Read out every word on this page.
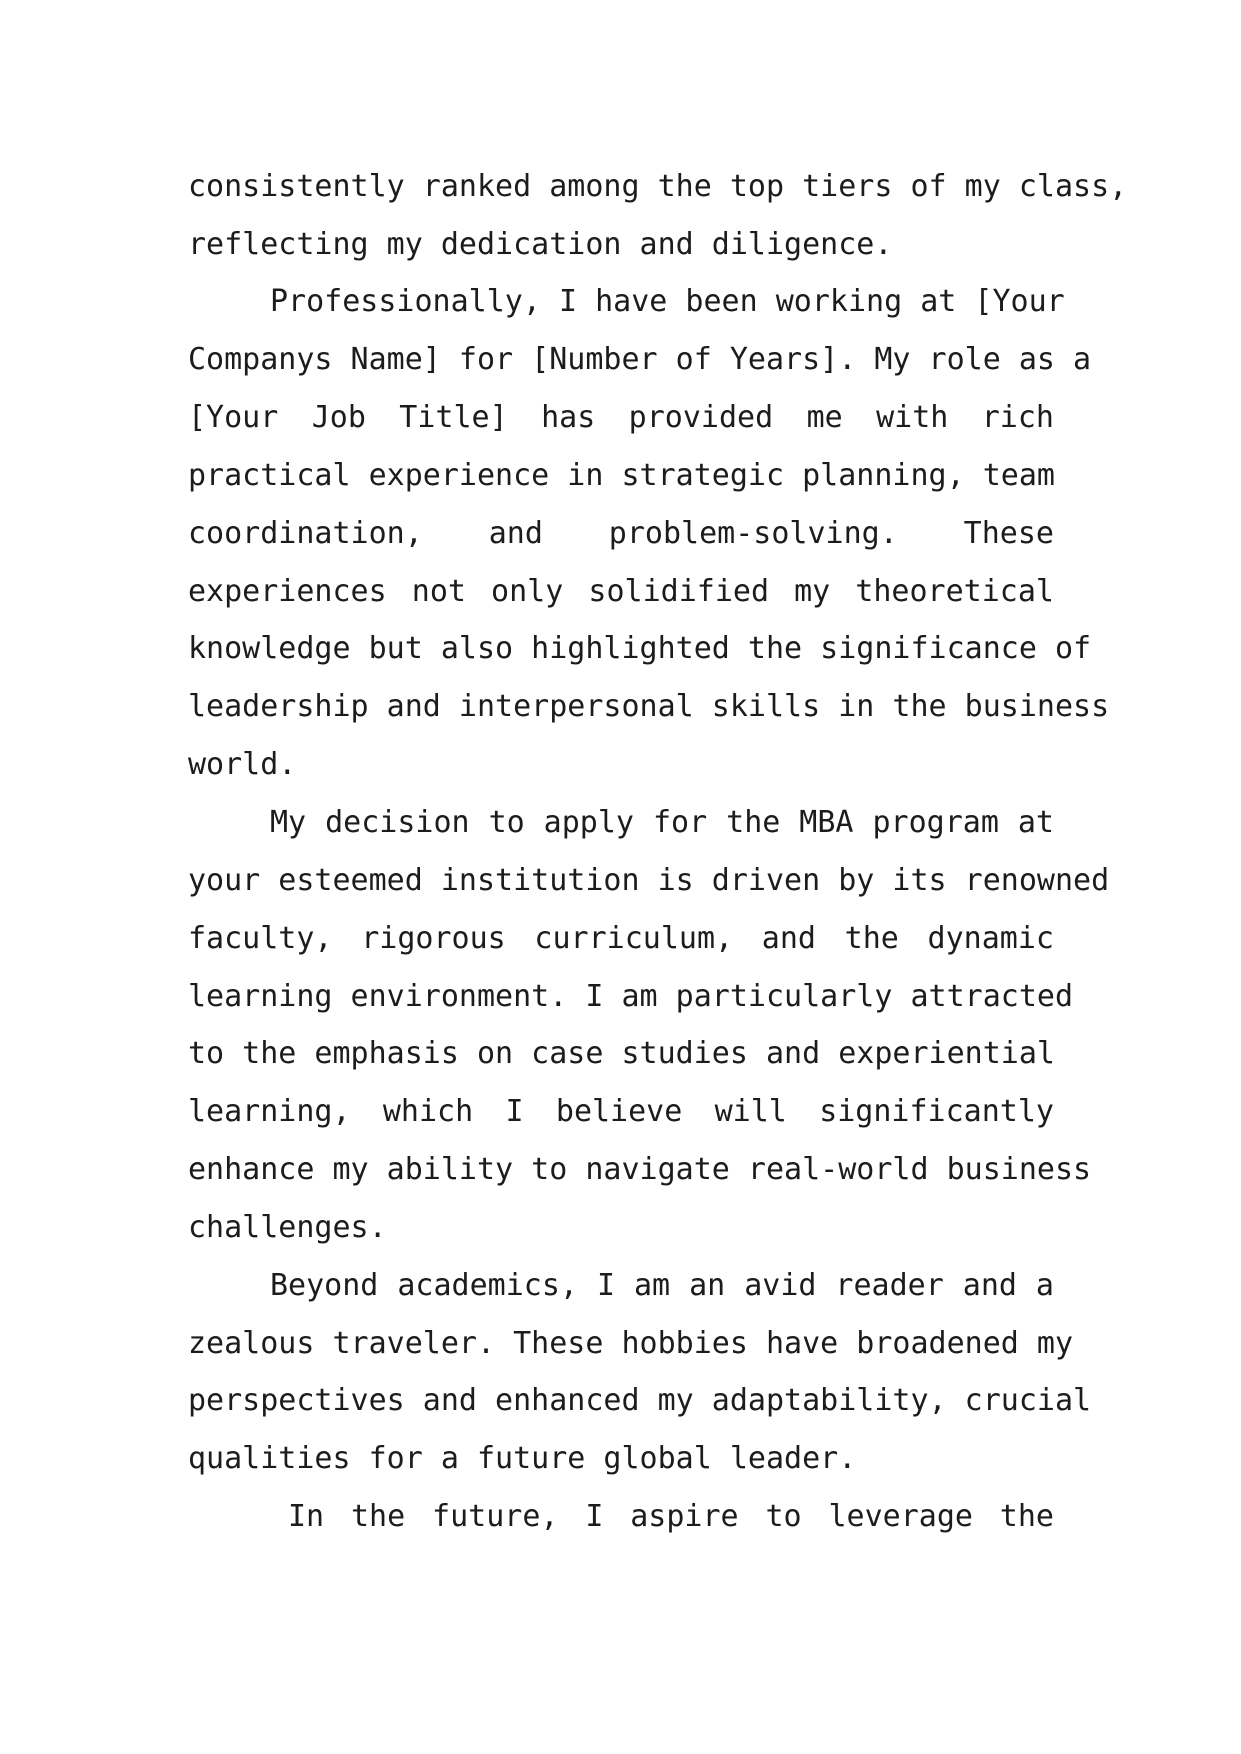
consistently ranked among the top tiers of my class,
reflecting my dedication and diligence.
Professionally, I have been working at [Your
Companys Name] for [Number of Years]. My role as a
[Your Job Title] has provided me with rich
practical experience in strategic planning, team
coordination, and problem-solving. These
experiences not only solidified my theoretical
knowledge but also highlighted the significance of
leadership and interpersonal skills in the business
world.
My decision to apply for the MBA program at
your esteemed institution is driven by its renowned
faculty, rigorous curriculum, and the dynamic
learning environment. I am particularly attracted
to the emphasis on case studies and experiential
learning, which I believe will significantly
enhance my ability to navigate real-world business
challenges.
Beyond academics, I am an avid reader and a
zealous traveler. These hobbies have broadened my
perspectives and enhanced my adaptability, crucial
qualities for a future global leader.
In the future, I aspire to leverage the
